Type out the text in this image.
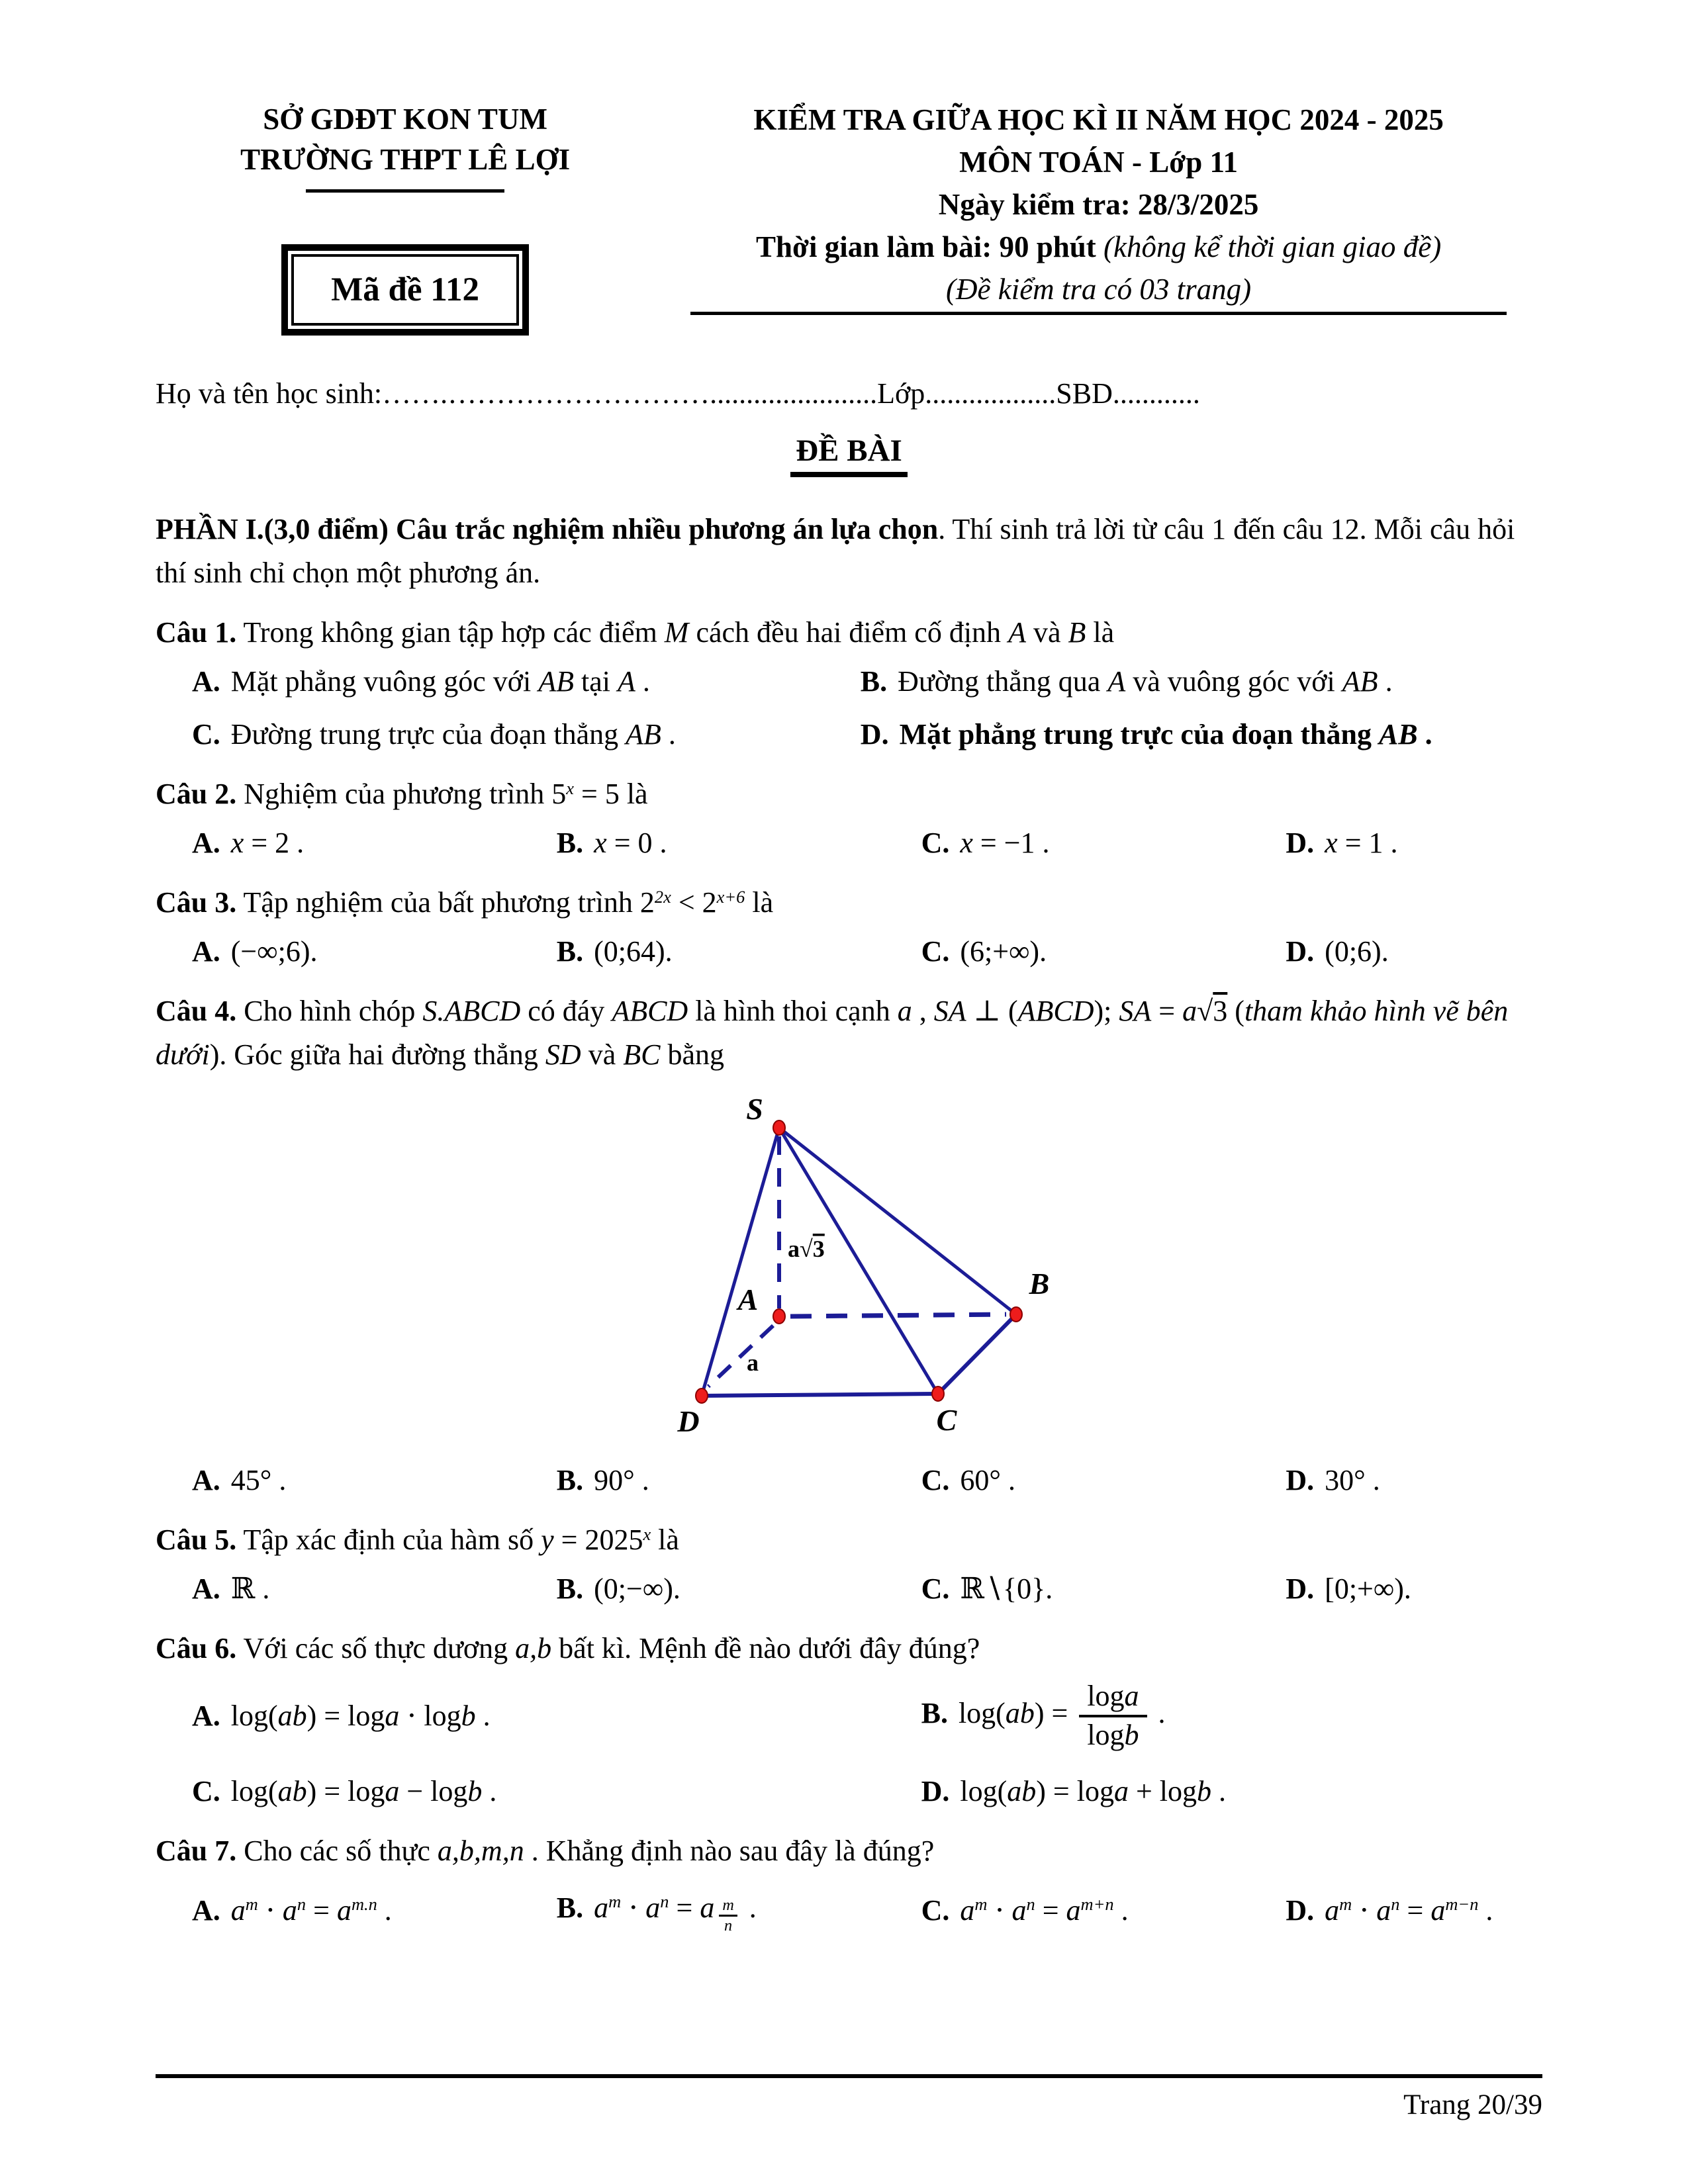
SỞ GDĐT KON TUM
TRƯỜNG THPT LÊ LỢI
Mã đề 112
KIỂM TRA GIỮA HỌC KÌ II NĂM HỌC 2024 - 2025
MÔN TOÁN - Lớp 11
Ngày kiểm tra: 28/3/2025
Thời gian làm bài: 90 phút (không kể thời gian giao đề)
(Đề kiểm tra có 03 trang)
Họ và tên học sinh:…….……………………….......................Lớp..................SBD............
ĐỀ BÀI
PHẦN I.(3,0 điểm) Câu trắc nghiệm nhiều phương án lựa chọn. Thí sinh trả lời từ câu 1 đến câu 12. Mỗi câu hỏi thí sinh chỉ chọn một phương án.
Câu 1. Trong không gian tập hợp các điểm M cách đều hai điểm cố định A và B là
A. Mặt phẳng vuông góc với AB tại A .	B. Đường thẳng qua A và vuông góc với AB .
C. Đường trung trực của đoạn thẳng AB .	D. Mặt phẳng trung trực của đoạn thẳng AB .
Câu 2. Nghiệm của phương trình $5^x = 5$ là
A. x = 2 .	B. x = 0 .	C. x = −1 .	D. x = 1 .
Câu 3. Tập nghiệm của bất phương trình $2^{2x} < 2^{x+6}$ là
A. (−∞;6).	B. (0;64).	C. (6;+∞).	D. (0;6).
Câu 4. Cho hình chóp S.ABCD có đáy ABCD là hình thoi cạnh a , SA ⊥ (ABCD); SA = a√3 (tham khảo hình vẽ bên dưới). Góc giữa hai đường thẳng SD và BC bằng
S
A	B
C
D
a√3
a
A. 45° .	B. 90° .	C. 60° .	D. 30° .
Câu 5. Tập xác định của hàm số $y = 2025^x$ là
A. ℝ .	B. (0;−∞).	C. ℝ∖{0}.	D. [0;+∞).
Câu 6. Với các số thực dương a,b bất kì. Mệnh đề nào dưới đây đúng?
A. log(ab) = loga ⋅ logb .	B. $\log(ab) = \frac{\log a}{\log b}$ .
C. log(ab) = loga − logb .	D. log(ab) = loga + logb .
Câu 7. Cho các số thực a,b,m,n . Khẳng định nào sau đây là đúng?
A. $a^m \cdot a^n = a^{m.n}$ .	B. $a^m \cdot a^n = a \frac{m}{n}$ .	C. $a^m \cdot a^n = a^{m+n}$ .	D. $a^m \cdot a^n = a^{m-n}$ .
Trang 20/39
